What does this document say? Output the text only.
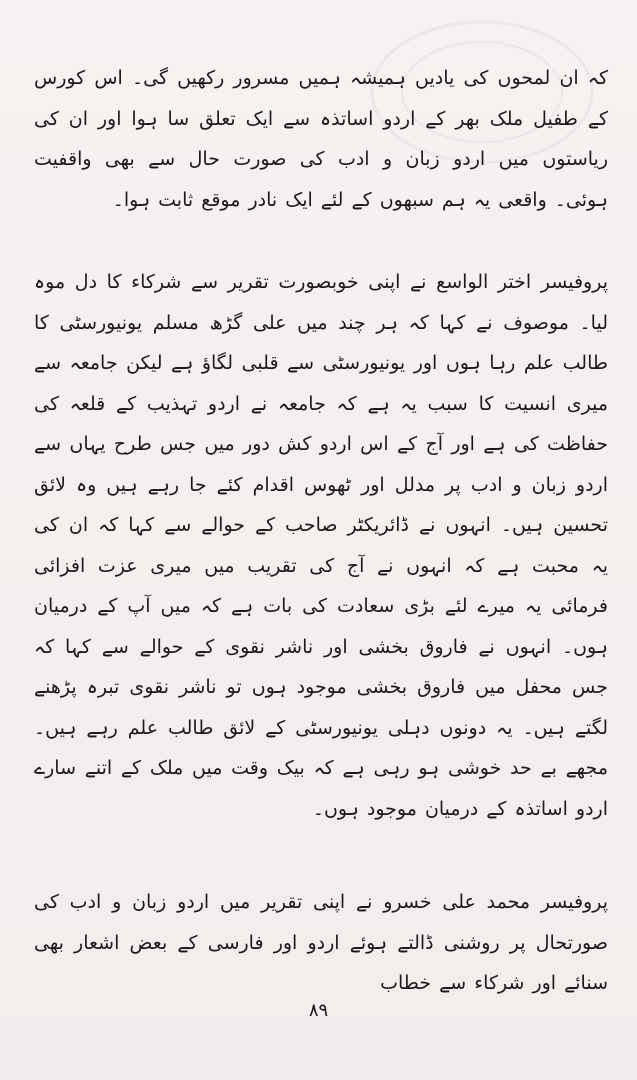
کہ ان لمحوں کی یادیں ہمیشہ ہمیں مسرور رکھیں گی۔ اس کورس کے طفیل ملک بھر کے اردو اساتذہ سے ایک تعلق سا ہوا اور ان کی ریاستوں میں اردو زبان و ادب کی صورت حال سے بھی واقفیت ہوئی۔ واقعی یہ ہم سبھوں کے لئے ایک نادر موقع ثابت ہوا۔

پروفیسر اختر الواسع نے اپنی خوبصورت تقریر سے شرکاء کا دل موہ لیا۔ موصوف نے کہا کہ ہر چند میں علی گڑھ مسلم یونیورسٹی کا طالب علم رہا ہوں اور یونیورسٹی سے قلبی لگاؤ ہے لیکن جامعہ سے میری انسیت کا سبب یہ ہے کہ جامعہ نے اردو تہذیب کے قلعہ کی حفاظت کی ہے اور آج کے اس اردو کش دور میں جس طرح یہاں سے اردو زبان و ادب پر مدلل اور ٹھوس اقدام کئے جا رہے ہیں وہ لائق تحسین ہیں۔ انہوں نے ڈائریکٹر صاحب کے حوالے سے کہا کہ ان کی یہ محبت ہے کہ انہوں نے آج کی تقریب میں میری عزت افزائی فرمائی یہ میرے لئے بڑی سعادت کی بات ہے کہ میں آپ کے درمیان ہوں۔ انہوں نے فاروق بخشی اور ناشر نقوی کے حوالے سے کہا کہ جس محفل میں فاروق بخشی موجود ہوں تو ناشر نقوی تبرہ پڑھنے لگتے ہیں۔ یہ دونوں دہلی یونیورسٹی کے لائق طالب علم رہے ہیں۔ مجھے بے حد خوشی ہو رہی ہے کہ بیک وقت میں ملک کے اتنے سارے اردو اساتذہ کے درمیان موجود ہوں۔

پروفیسر محمد علی خسرو نے اپنی تقریر میں اردو زبان و ادب کی صورتحال پر روشنی ڈالتے ہوئے اردو اور فارسی کے بعض اشعار بھی سنائے اور شرکاء سے خطاب

۸۹
